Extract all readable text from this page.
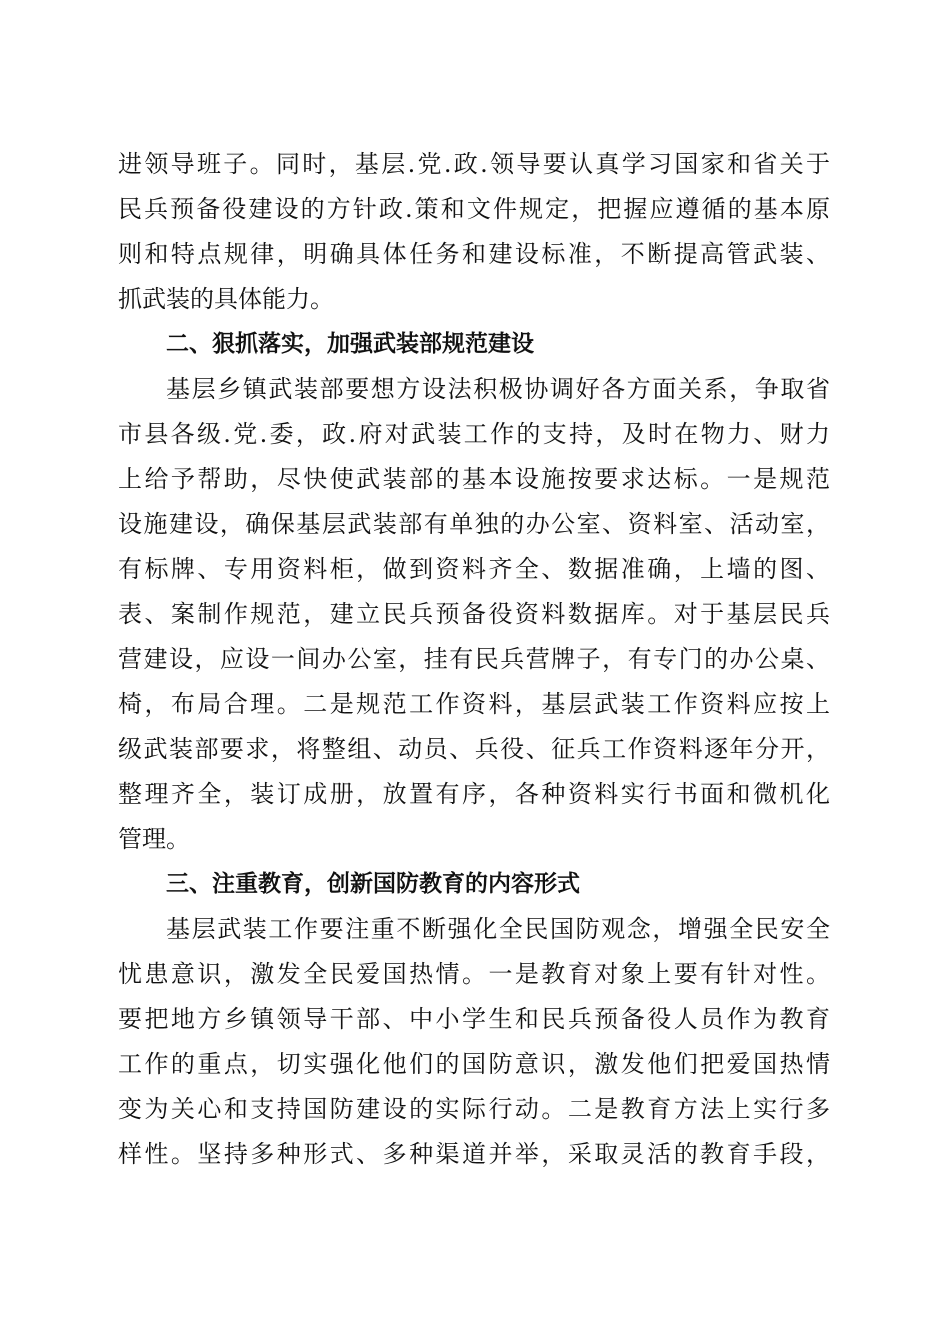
进领导班子。同时，基层.党.政.领导要认真学习国家和省关于
民兵预备役建设的方针政.策和文件规定，把握应遵循的基本原
则和特点规律，明确具体任务和建设标准，不断提高管武装、
抓武装的具体能力。
二、狠抓落实，加强武装部规范建设
基层乡镇武装部要想方设法积极协调好各方面关系，争取省
市县各级.党.委，政.府对武装工作的支持，及时在物力、财力
上给予帮助，尽快使武装部的基本设施按要求达标。一是规范
设施建设，确保基层武装部有单独的办公室、资料室、活动室，
有标牌、专用资料柜，做到资料齐全、数据准确，上墙的图、
表、案制作规范，建立民兵预备役资料数据库。对于基层民兵
营建设，应设一间办公室，挂有民兵营牌子，有专门的办公桌、
椅，布局合理。二是规范工作资料，基层武装工作资料应按上
级武装部要求，将整组、动员、兵役、征兵工作资料逐年分开，
整理齐全，装订成册，放置有序，各种资料实行书面和微机化
管理。
三、注重教育，创新国防教育的内容形式
基层武装工作要注重不断强化全民国防观念，增强全民安全
忧患意识，激发全民爱国热情。一是教育对象上要有针对性。
要把地方乡镇领导干部、中小学生和民兵预备役人员作为教育
工作的重点，切实强化他们的国防意识，激发他们把爱国热情
变为关心和支持国防建设的实际行动。二是教育方法上实行多
样性。坚持多种形式、多种渠道并举，采取灵活的教育手段，
